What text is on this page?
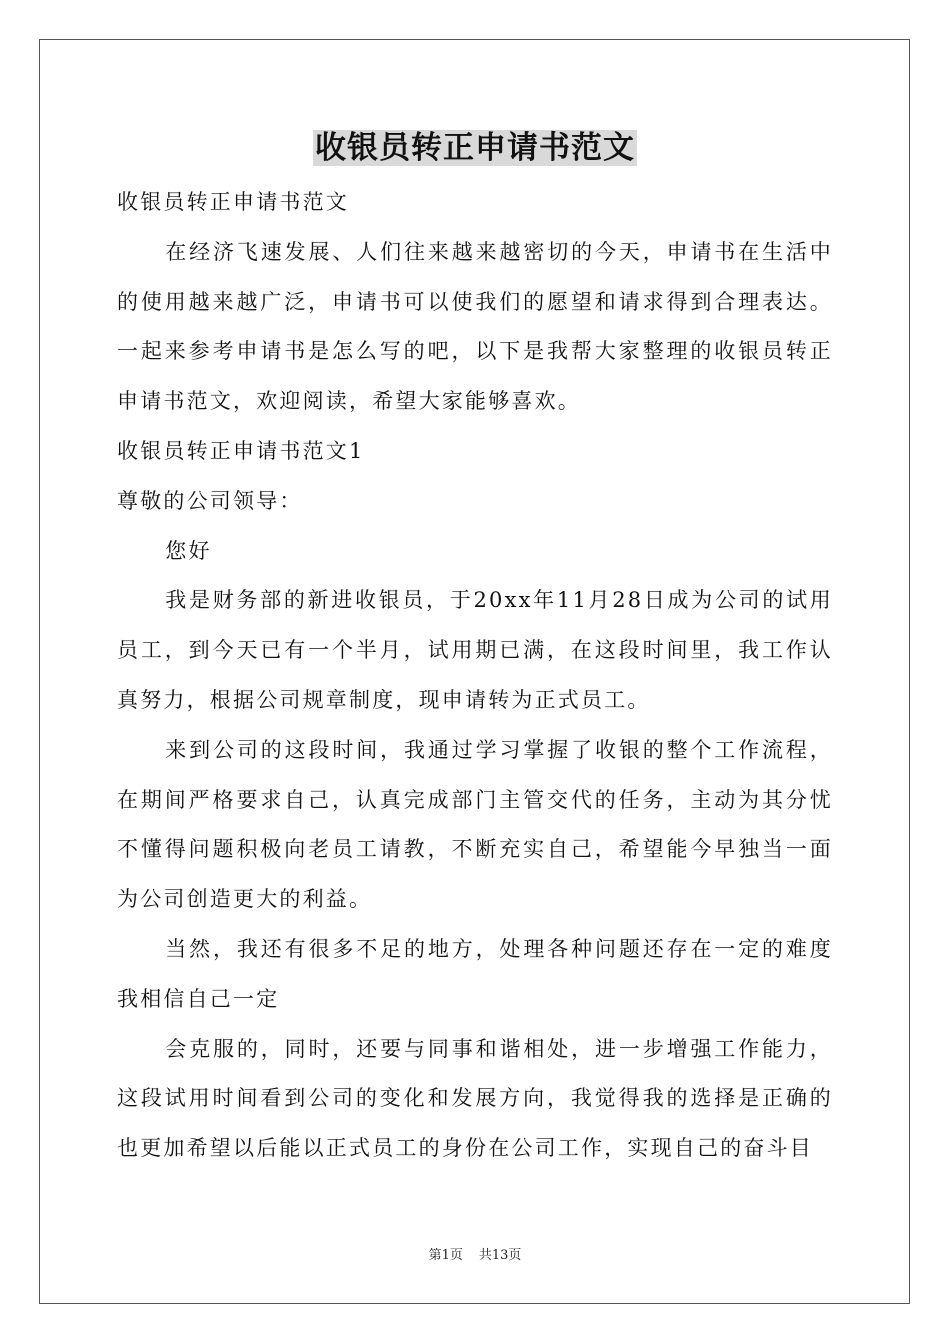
收银员转正申请书范文

收银员转正申请书范文

在经济飞速发展、人们往来越来越密切的今天，申请书在生活中的使用越来越广泛，申请书可以使我们的愿望和请求得到合理表达。一起来参考申请书是怎么写的吧，以下是我帮大家整理的收银员转正申请书范文，欢迎阅读，希望大家能够喜欢。

收银员转正申请书范文1

尊敬的公司领导：

您好

我是财务部的新进收银员，于20xx年11月28日成为公司的试用员工，到今天已有一个半月，试用期已满，在这段时间里，我工作认真努力，根据公司规章制度，现申请转为正式员工。

来到公司的这段时间，我通过学习掌握了收银的整个工作流程，在期间严格要求自己，认真完成部门主管交代的任务，主动为其分忧不懂得问题积极向老员工请教，不断充实自己，希望能今早独当一面为公司创造更大的利益。

当然，我还有很多不足的地方，处理各种问题还存在一定的难度我相信自己一定

会克服的，同时，还要与同事和谐相处，进一步增强工作能力，这段试用时间看到公司的变化和发展方向，我觉得我的选择是正确的也更加希望以后能以正式员工的身份在公司工作，实现自己的奋斗目

第1页 共13页
